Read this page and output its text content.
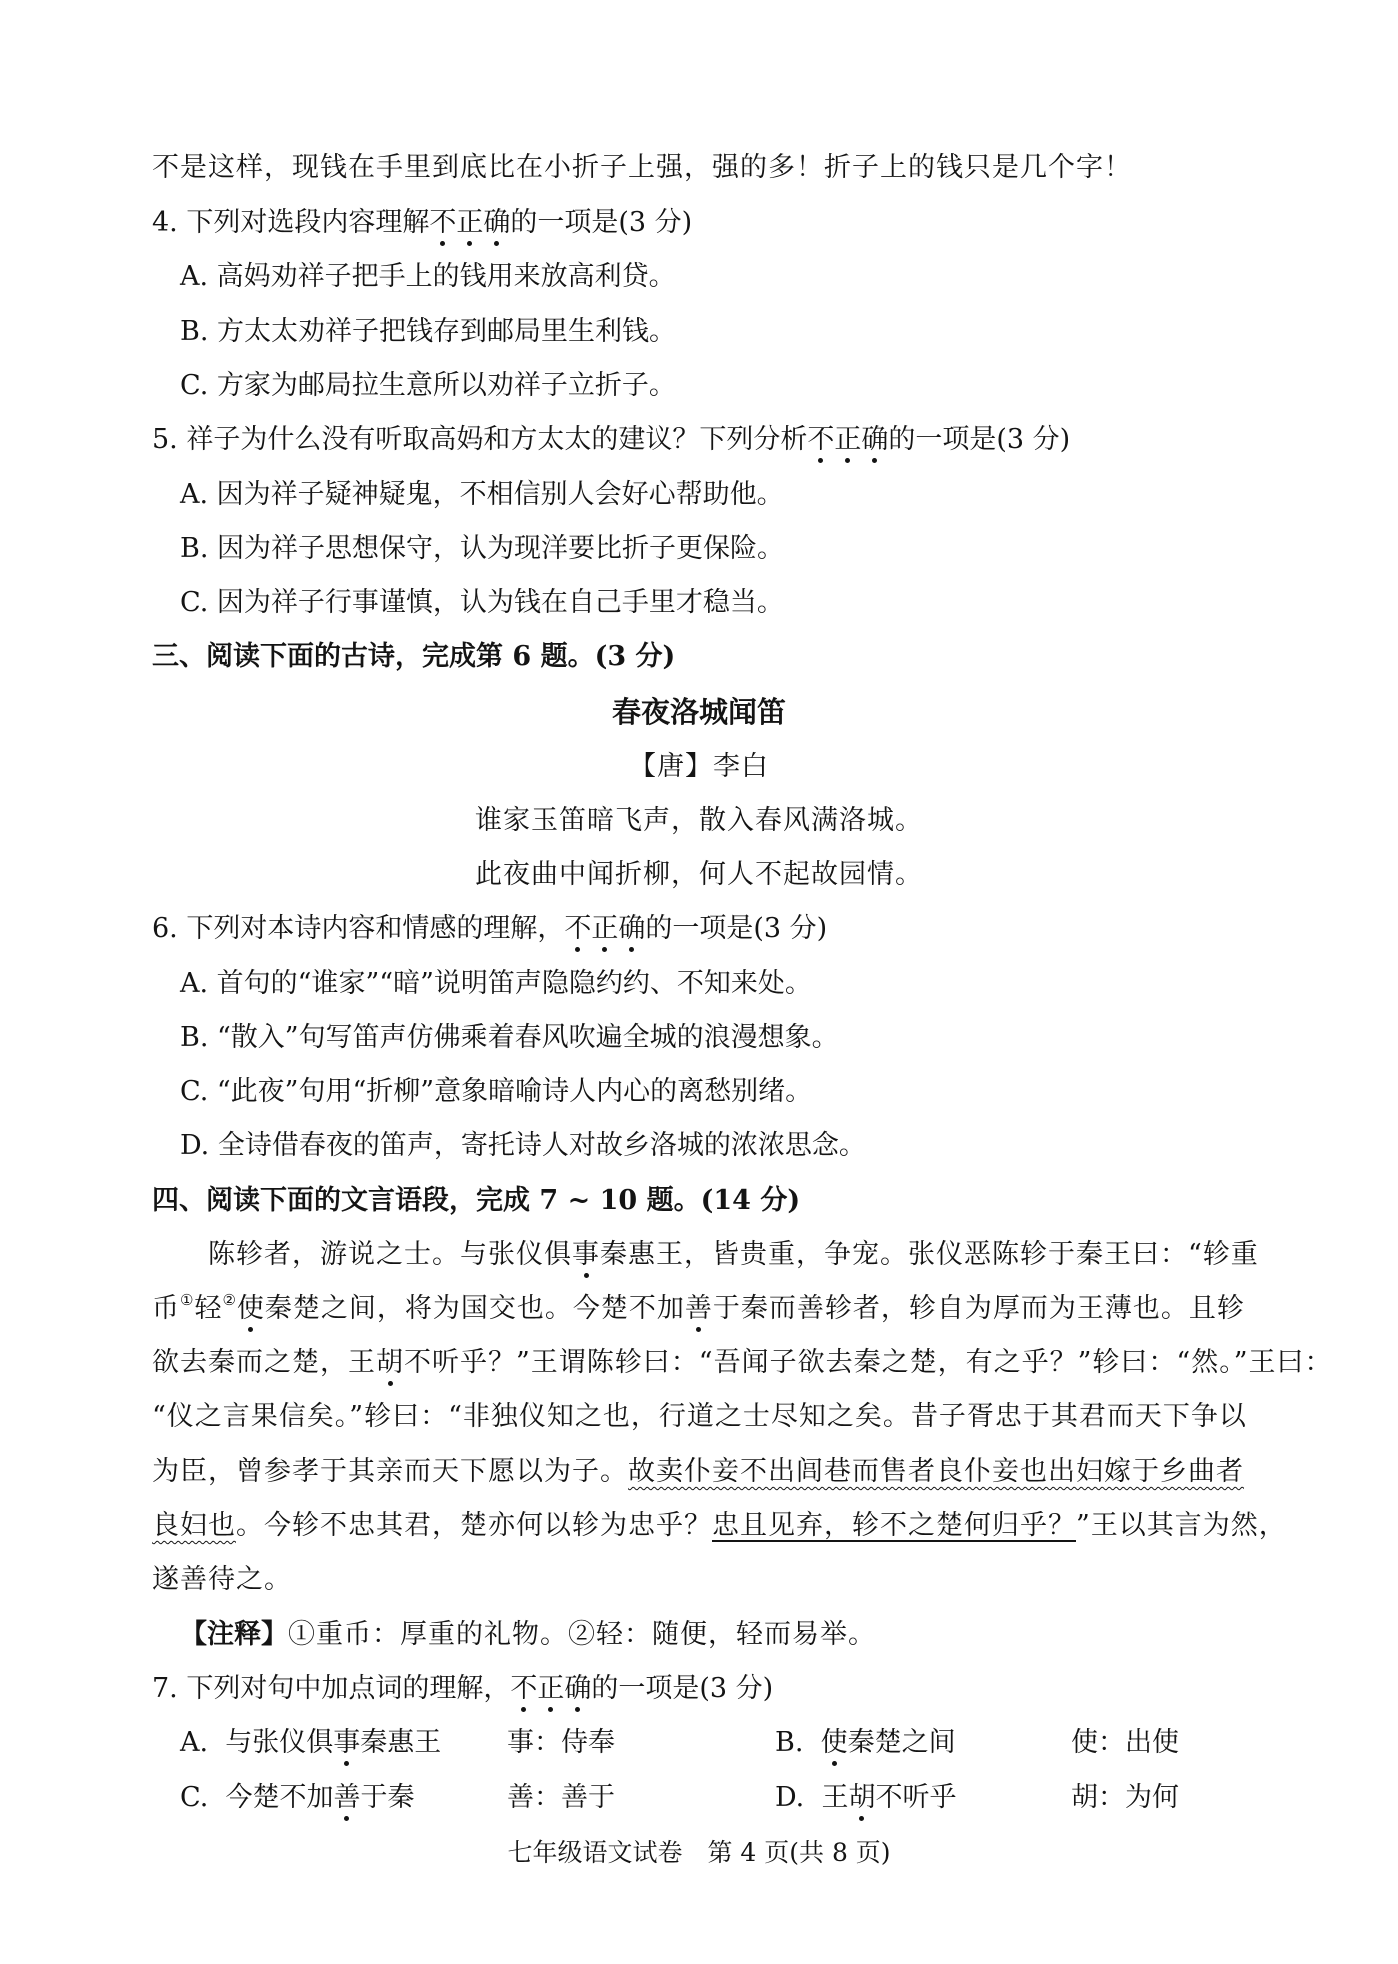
不是这样，现钱在手里到底比在小折子上强，强的多！折子上的钱只是几个字！
4. 下列对选段内容理解不正确的一项是(3 分)
A. 高妈劝祥子把手上的钱用来放高利贷。
B. 方太太劝祥子把钱存到邮局里生利钱。
C. 方家为邮局拉生意所以劝祥子立折子。
5. 祥子为什么没有听取高妈和方太太的建议？下列分析不正确的一项是(3 分)
A. 因为祥子疑神疑鬼，不相信别人会好心帮助他。
B. 因为祥子思想保守，认为现洋要比折子更保险。
C. 因为祥子行事谨慎，认为钱在自己手里才稳当。
三、阅读下面的古诗，完成第 6 题。(3 分)
春夜洛城闻笛
【唐】李白
谁家玉笛暗飞声，散入春风满洛城。
此夜曲中闻折柳，何人不起故园情。
6. 下列对本诗内容和情感的理解，不正确的一项是(3 分)
A. 首句的“谁家”“暗”说明笛声隐隐约约、不知来处。
B. “散入”句写笛声仿佛乘着春风吹遍全城的浪漫想象。
C. “此夜”句用“折柳”意象暗喻诗人内心的离愁别绪。
D. 全诗借春夜的笛声，寄托诗人对故乡洛城的浓浓思念。
四、阅读下面的文言语段，完成 7 ~ 10 题。(14 分)
陈轸者，游说之士。与张仪俱事秦惠王，皆贵重，争宠。张仪恶陈轸于秦王曰：“轸重
币①轻②使秦楚之间，将为国交也。今楚不加善于秦而善轸者，轸自为厚而为王薄也。且轸
欲去秦而之楚，王胡不听乎？”王谓陈轸曰：“吾闻子欲去秦之楚，有之乎？”轸曰：“然。”王曰：
“仪之言果信矣。”轸曰：“非独仪知之也，行道之士尽知之矣。昔子胥忠于其君而天下争以
为臣，曾参孝于其亲而天下愿以为子。故卖仆妾不出闾巷而售者良仆妾也出妇嫁于乡曲者
良妇也。今轸不忠其君，楚亦何以轸为忠乎？忠且见弃，轸不之楚何归乎？”王以其言为然，
遂善待之。
【注释】①重币：厚重的礼物。②轻：随便，轻而易举。
7. 下列对句中加点词的理解，不正确的一项是(3 分)
A. 与张仪俱事秦惠王 事：侍奉	B. 使秦楚之间	使：出使
C. 今楚不加善于秦	善：善于	D. 王胡不听乎	胡：为何
七年级语文试卷　第 4 页(共 8 页)
